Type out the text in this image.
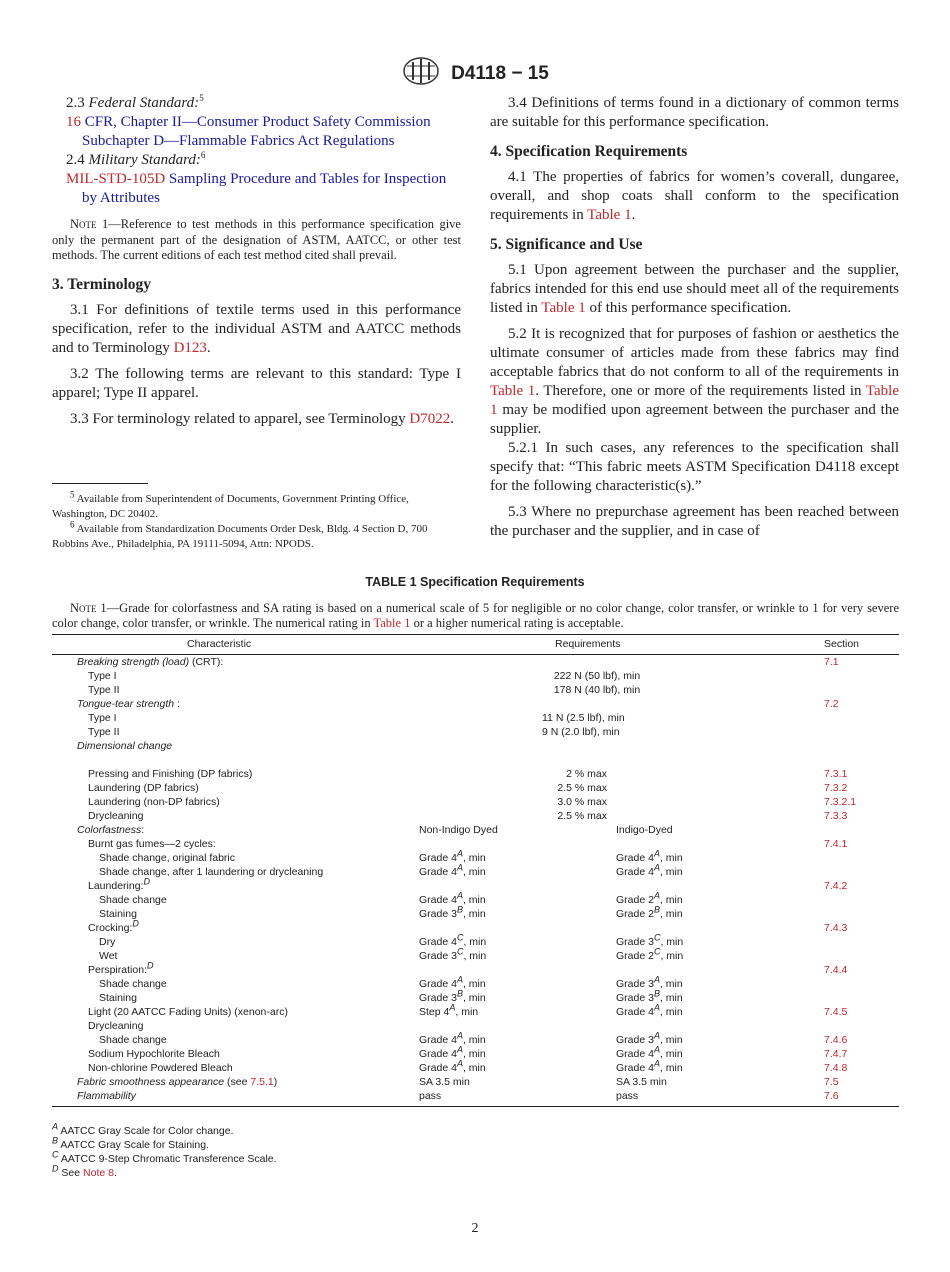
D4118 − 15

2.3 Federal Standard:$^5$

16 CFR, Chapter II—Consumer Product Safety Commission Subchapter D—Flammable Fabrics Act Regulations

2.4 Military Standard:$^6$

MIL-STD-105D Sampling Procedure and Tables for Inspection by Attributes

Note 1—Reference to test methods in this performance specification give only the permanent part of the designation of ASTM, AATCC, or other test methods. The current editions of each test method cited shall prevail.

3. Terminology

3.1 For definitions of textile terms used in this performance specification, refer to the individual ASTM and AATCC methods and to Terminology D123.

3.2 The following terms are relevant to this standard: Type I apparel; Type II apparel.

3.3 For terminology related to apparel, see Terminology D7022.

$^5$ Available from Superintendent of Documents, Government Printing Office, Washington, DC 20402.

$^6$ Available from Standardization Documents Order Desk, Bldg. 4 Section D, 700 Robbins Ave., Philadelphia, PA 19111-5094, Attn: NPODS.

3.4 Definitions of terms found in a dictionary of common terms are suitable for this performance specification.

4. Specification Requirements

4.1 The properties of fabrics for women’s coverall, dungaree, overall, and shop coats shall conform to the specification requirements in Table 1.

5. Significance and Use

5.1 Upon agreement between the purchaser and the supplier, fabrics intended for this end use should meet all of the requirements listed in Table 1 of this performance specification.

5.2 It is recognized that for purposes of fashion or aesthetics the ultimate consumer of articles made from these fabrics may find acceptable fabrics that do not conform to all of the requirements in Table 1. Therefore, one or more of the requirements listed in Table 1 may be modified upon agreement between the purchaser and the supplier.

5.2.1 In such cases, any references to the specification shall specify that: “This fabric meets ASTM Specification D4118 except for the following characteristic(s).”

5.3 Where no prepurchase agreement has been reached between the purchaser and the supplier, and in case of

TABLE 1 Specification Requirements
Note 1—Grade for colorfastness and SA rating is based on a numerical scale of 5 for negligible or no color change, color transfer, or wrinkle to 1 for very severe color change, color transfer, or wrinkle. The numerical rating in Table 1 or a higher numerical rating is acceptable.
Characteristic	Requirements	Section
Breaking strength (load) (CRT):	7.1
Type I	222 N (50 lbf), min
Type II	178 N (40 lbf), min
Tongue-tear strength :	7.2
Type I	11 N (2.5 lbf), min
Type II	9 N (2.0 lbf), min
Dimensional change
Pressing and Finishing (DP fabrics)	2 % max	7.3.1
Laundering (DP fabrics)	2.5 % max	7.3.2
Laundering (non-DP fabrics)	3.0 % max	7.3.2.1
Drycleaning	2.5 % max	7.3.3
Colorfastness:	Non-Indigo Dyed	Indigo-Dyed
Burnt gas fumes—2 cycles:	7.4.1
Shade change, original fabric	Grade $4^A$, min	Grade $4^A$, min
Shade change, after 1 laundering or drycleaning	Grade $4^A$, min	Grade $4^A$, min
Laundering:$^D$	7.4.2
Shade change	Grade $4^A$, min	Grade $2^A$, min
Staining	Grade $3^B$, min	Grade $2^B$, min
Crocking:$^D$	7.4.3
Dry	Grade $4^C$, min	Grade $3^C$, min
Wet	Grade $3^C$, min	Grade $2^C$, min
Perspiration:$^D$	7.4.4
Shade change	Grade $4^A$, min	Grade $3^A$, min
Staining	Grade $3^B$, min	Grade $3^B$, min
Light (20 AATCC Fading Units) (xenon-arc)	Step $4^A$, min	Grade $4^A$, min	7.4.5
Drycleaning
Shade change	Grade $4^A$, min	Grade $3^A$, min	7.4.6
Sodium Hypochlorite Bleach	Grade $4^A$, min	Grade $4^A$, min	7.4.7
Non-chlorine Powdered Bleach	Grade $4^A$, min	Grade $4^A$, min	7.4.8
Fabric smoothness appearance (see 7.5.1)	SA 3.5 min	SA 3.5 min	7.5
Flammability	pass	pass	7.6
$^A$ AATCC Gray Scale for Color change.
$^B$ AATCC Gray Scale for Staining.
$^C$ AATCC 9-Step Chromatic Transference Scale.
$^D$ See Note 8.
2
